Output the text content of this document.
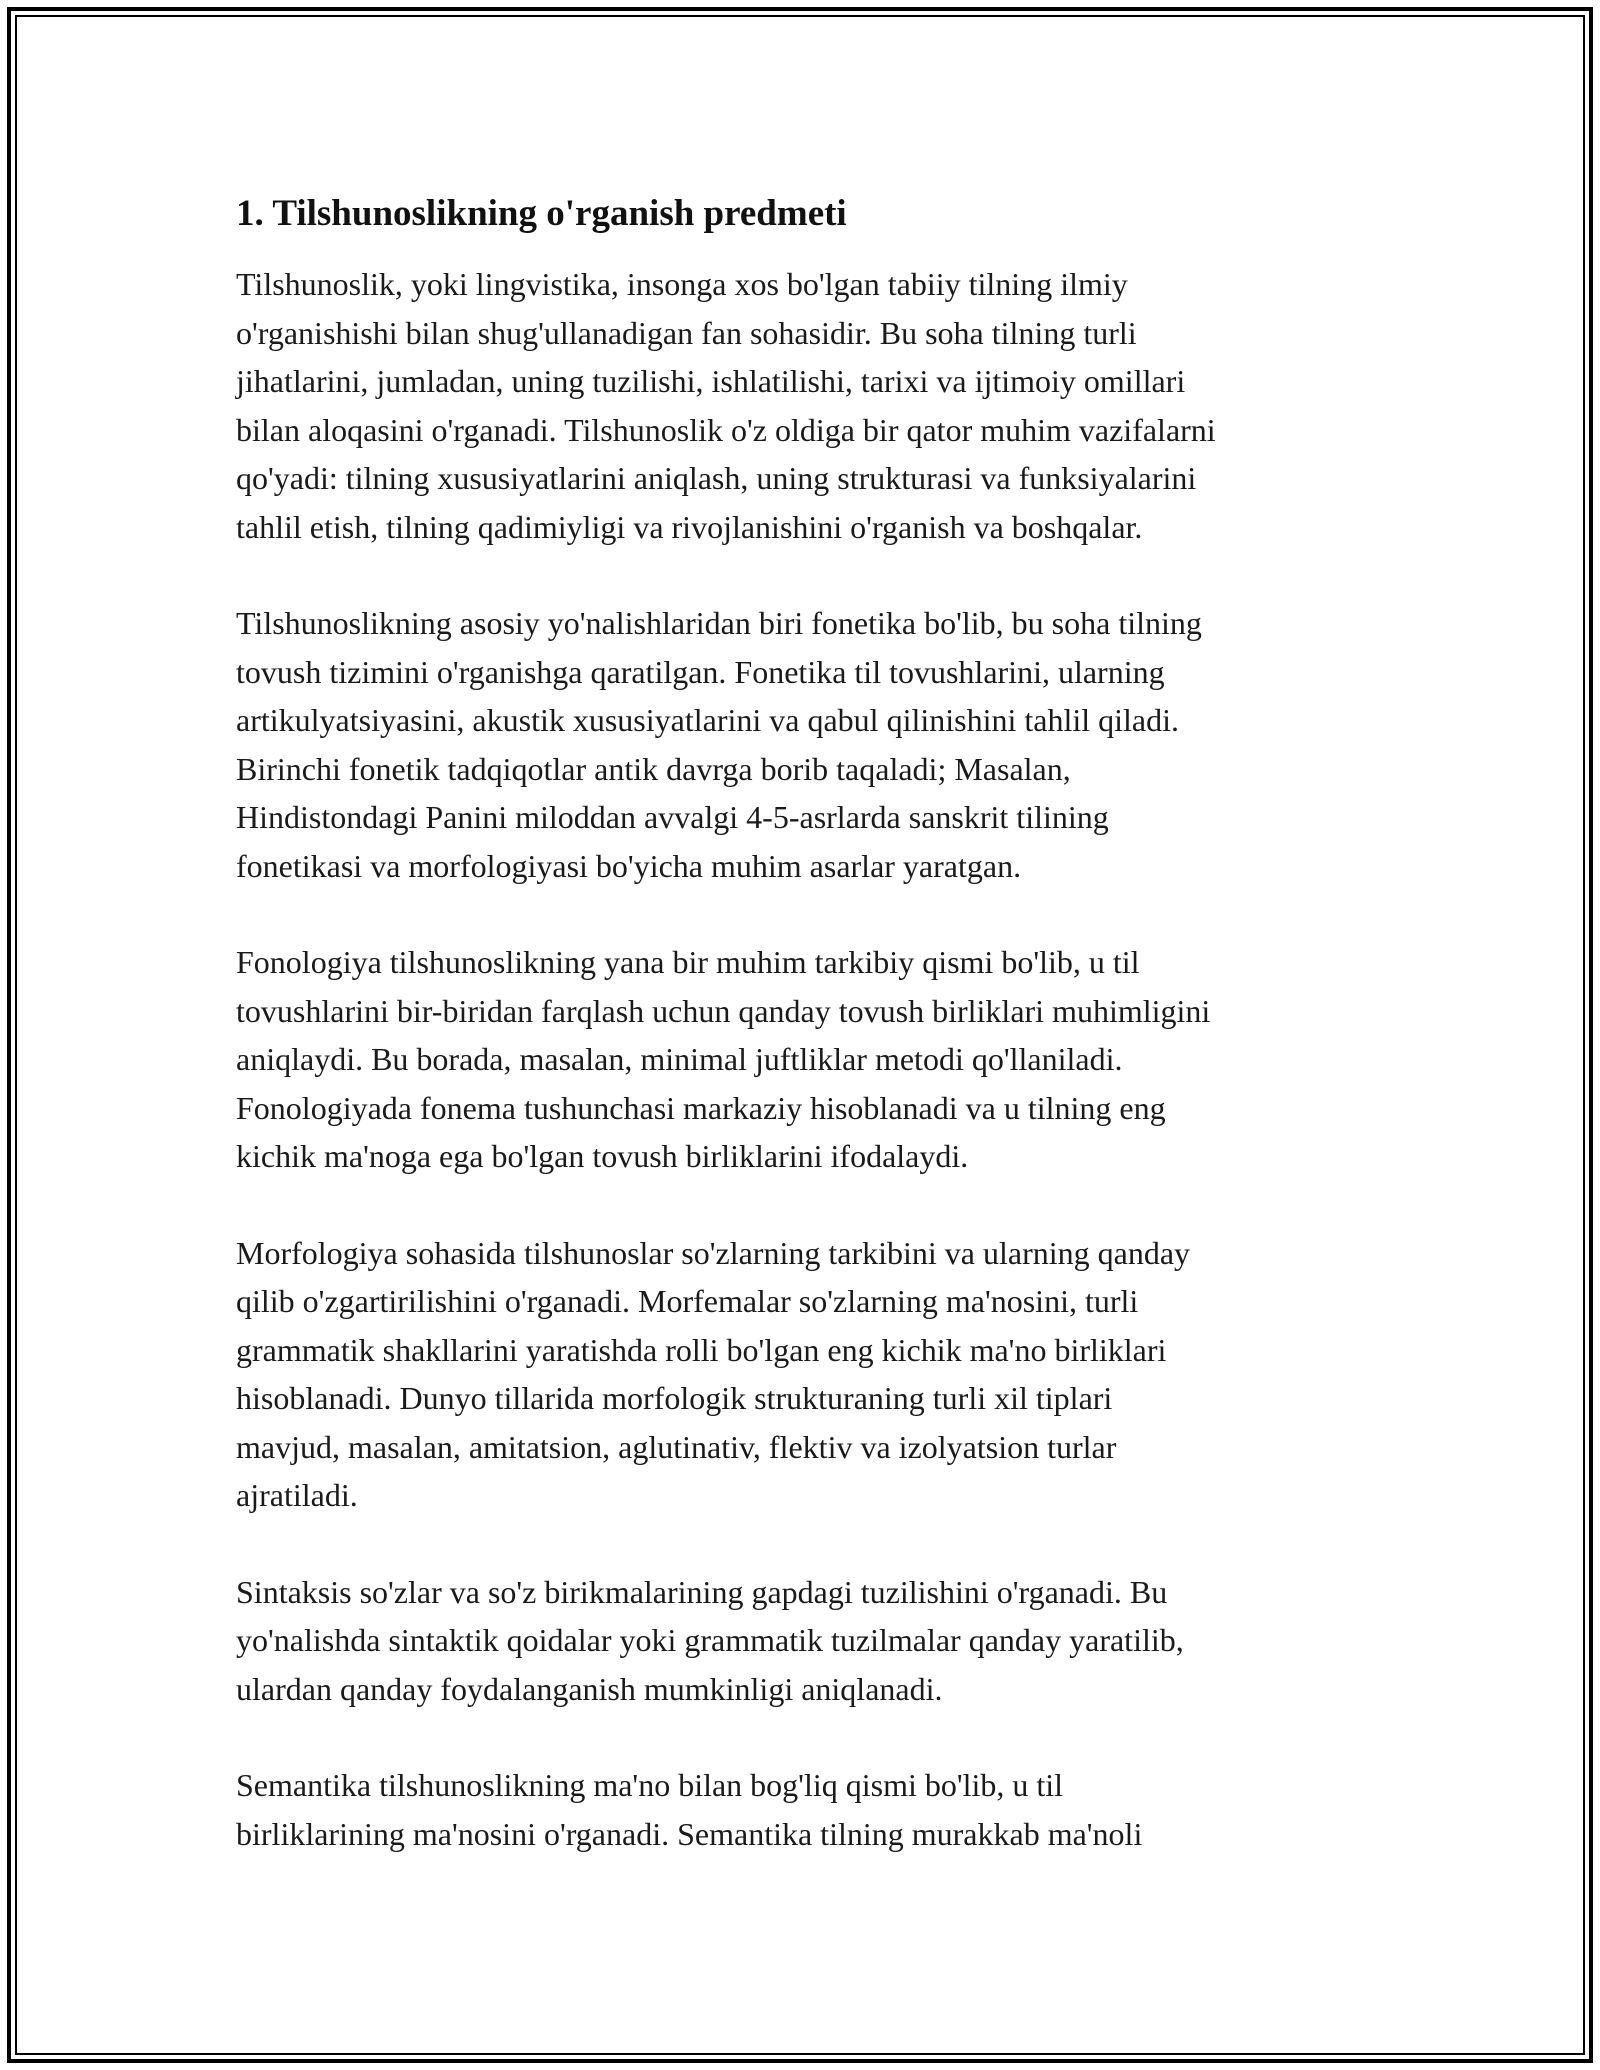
1. Tilshunoslikning o'rganish predmeti

Tilshunoslik, yoki lingvistika, insonga xos bo'lgan tabiiy tilning ilmiy
o'rganishishi bilan shug'ullanadigan fan sohasidir. Bu soha tilning turli
jihatlarini, jumladan, uning tuzilishi, ishlatilishi, tarixi va ijtimoiy omillari
bilan aloqasini o'rganadi. Tilshunoslik o'z oldiga bir qator muhim vazifalarni
qo'yadi: tilning xususiyatlarini aniqlash, uning strukturasi va funksiyalarini
tahlil etish, tilning qadimiyligi va rivojlanishini o'rganish va boshqalar.

Tilshunoslikning asosiy yo'nalishlaridan biri fonetika bo'lib, bu soha tilning
tovush tizimini o'rganishga qaratilgan. Fonetika til tovushlarini, ularning
artikulyatsiyasini, akustik xususiyatlarini va qabul qilinishini tahlil qiladi.
Birinchi fonetik tadqiqotlar antik davrga borib taqaladi; Masalan,
Hindistondagi Panini miloddan avvalgi 4-5-asrlarda sanskrit tilining
fonetikasi va morfologiyasi bo'yicha muhim asarlar yaratgan.

Fonologiya tilshunoslikning yana bir muhim tarkibiy qismi bo'lib, u til
tovushlarini bir-biridan farqlash uchun qanday tovush birliklari muhimligini
aniqlaydi. Bu borada, masalan, minimal juftliklar metodi qo'llaniladi.
Fonologiyada fonema tushunchasi markaziy hisoblanadi va u tilning eng
kichik ma'noga ega bo'lgan tovush birliklarini ifodalaydi.

Morfologiya sohasida tilshunoslar so'zlarning tarkibini va ularning qanday
qilib o'zgartirilishini o'rganadi. Morfemalar so'zlarning ma'nosini, turli
grammatik shakllarini yaratishda rolli bo'lgan eng kichik ma'no birliklari
hisoblanadi. Dunyo tillarida morfologik strukturaning turli xil tiplari
mavjud, masalan, amitatsion, aglutinativ, flektiv va izolyatsion turlar
ajratiladi.

Sintaksis so'zlar va so'z birikmalarining gapdagi tuzilishini o'rganadi. Bu
yo'nalishda sintaktik qoidalar yoki grammatik tuzilmalar qanday yaratilib,
ulardan qanday foydalanganish mumkinligi aniqlanadi.

Semantika tilshunoslikning ma'no bilan bog'liq qismi bo'lib, u til
birliklarining ma'nosini o'rganadi. Semantika tilning murakkab ma'noli
